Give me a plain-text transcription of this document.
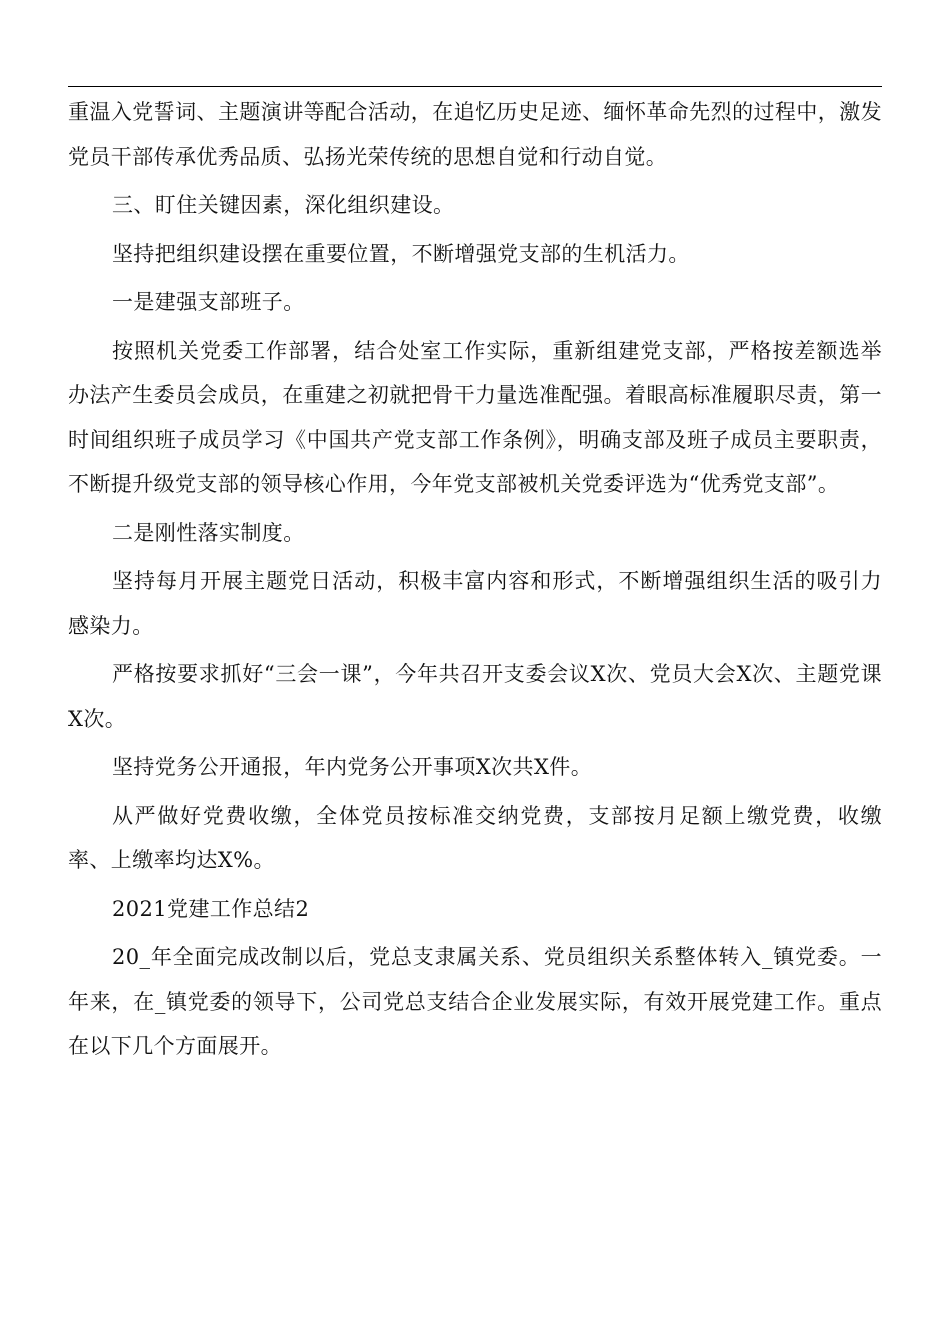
重温入党誓词、主题演讲等配合活动，在追忆历史足迹、缅怀革命先烈的过程中，激发党员干部传承优秀品质、弘扬光荣传统的思想自觉和行动自觉。

三、盯住关键因素，深化组织建设。

坚持把组织建设摆在重要位置，不断增强党支部的生机活力。

一是建强支部班子。

按照机关党委工作部署，结合处室工作实际，重新组建党支部，严格按差额选举办法产生委员会成员，在重建之初就把骨干力量选准配强。着眼高标准履职尽责，第一时间组织班子成员学习《中国共产党支部工作条例》，明确支部及班子成员主要职责，不断提升级党支部的领导核心作用，今年党支部被机关党委评选为“优秀党支部”。

二是刚性落实制度。

坚持每月开展主题党日活动，积极丰富内容和形式，不断增强组织生活的吸引力感染力。

严格按要求抓好“三会一课”，今年共召开支委会议X次、党员大会X次、主题党课X次。

坚持党务公开通报，年内党务公开事项X次共X件。

从严做好党费收缴，全体党员按标准交纳党费，支部按月足额上缴党费，收缴率、上缴率均达X%。

2021党建工作总结2

20_年全面完成改制以后，党总支隶属关系、党员组织关系整体转入_镇党委。一年来，在_镇党委的领导下，公司党总支结合企业发展实际，有效开展党建工作。重点在以下几个方面展开。
